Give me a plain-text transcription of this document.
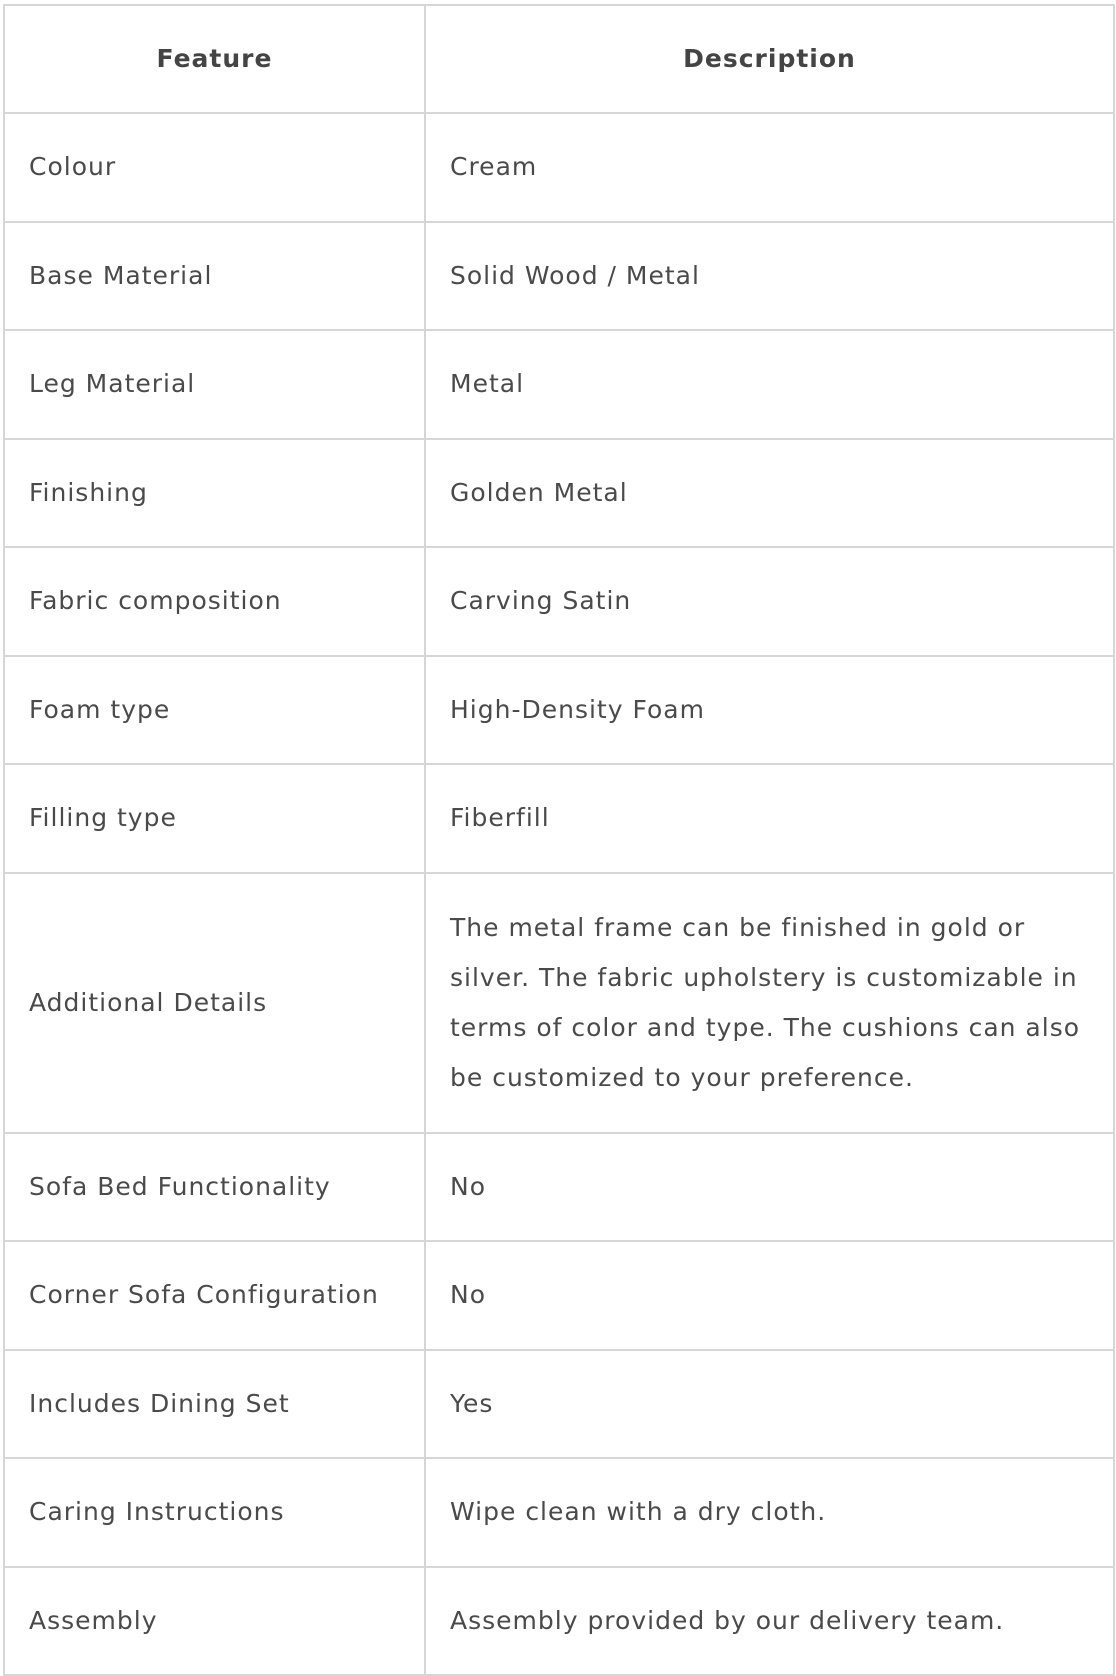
Feature	Description
Colour	Cream
Base Material	Solid Wood / Metal
Leg Material	Metal
Finishing	Golden Metal
Fabric composition	Carving Satin
Foam type	High-Density Foam
Filling type	Fiberfill
Additional Details	The metal frame can be finished in gold or silver. The fabric upholstery is customizable in terms of color and type. The cushions can also be customized to your preference.
Sofa Bed Functionality	No
Corner Sofa Configuration	No
Includes Dining Set	Yes
Caring Instructions	Wipe clean with a dry cloth.
Assembly	Assembly provided by our delivery team.
